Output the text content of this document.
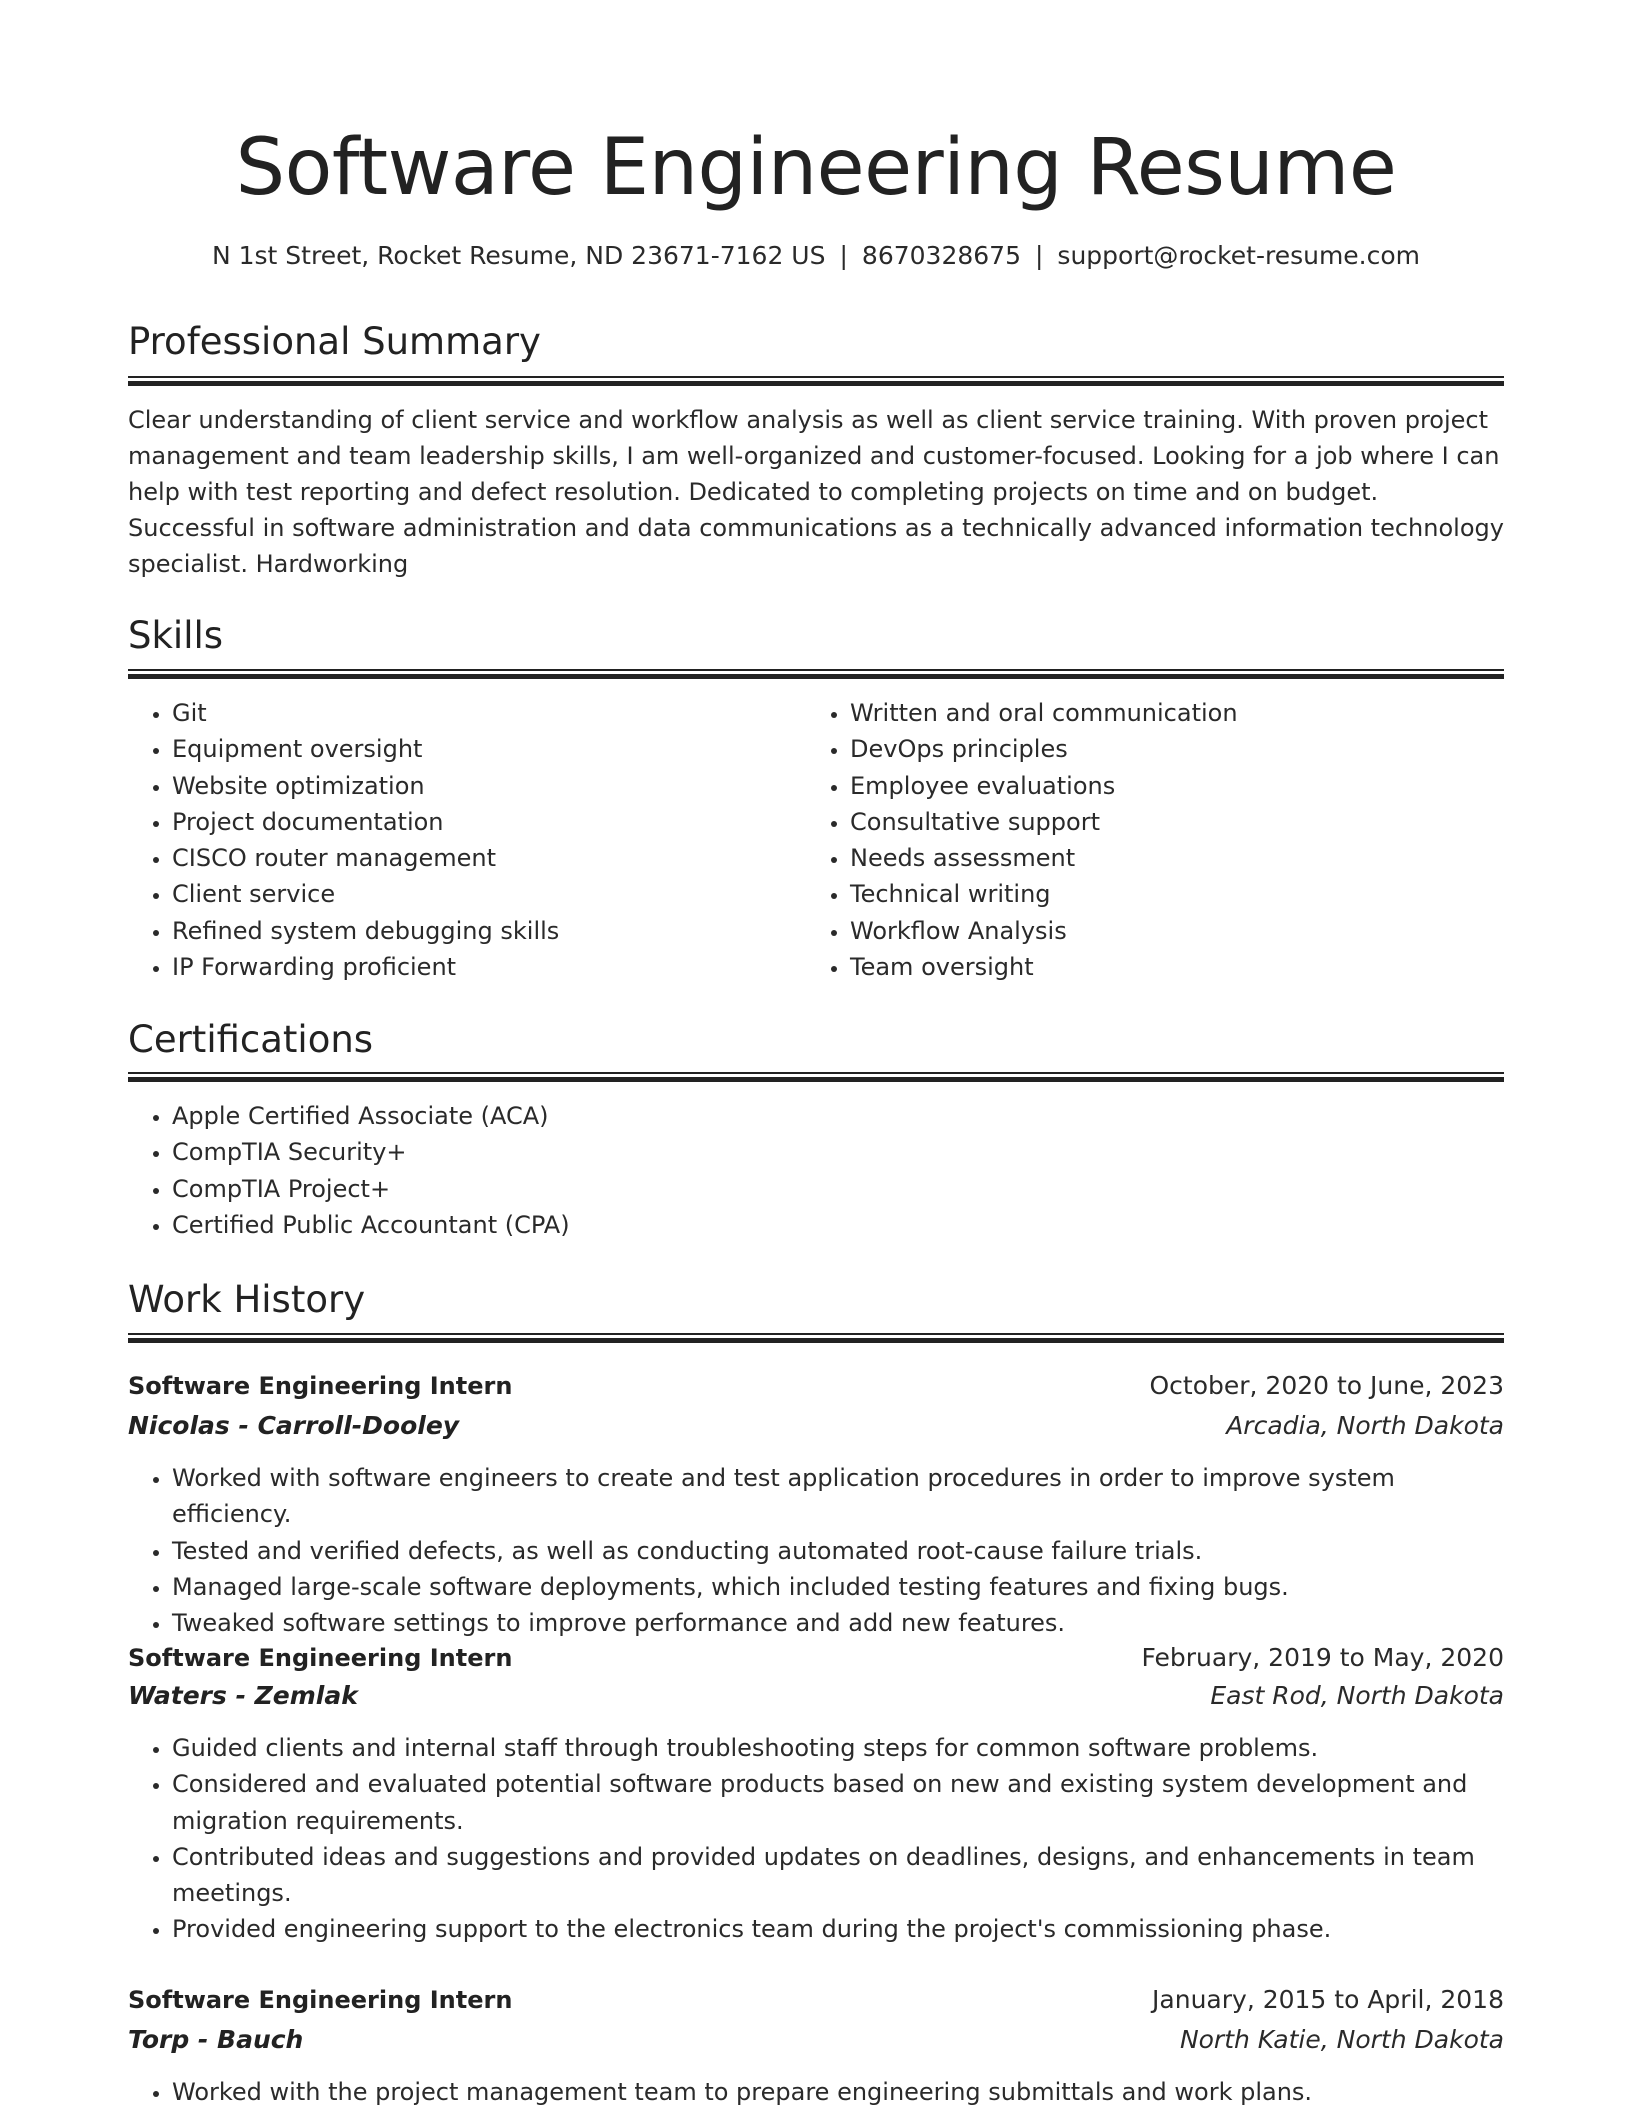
Software Engineering Resume
N 1st Street, Rocket Resume, ND 23671-7162 US | 8670328675 | support@rocket-resume.com
Professional Summary
Clear understanding of client service and workflow analysis as well as client service training. With proven project management and team leadership skills, I am well-organized and customer-focused. Looking for a job where I can help with test reporting and defect resolution. Dedicated to completing projects on time and on budget. Successful in software administration and data communications as a technically advanced information technology specialist. Hardworking
Skills
• Git
• Equipment oversight
• Website optimization
• Project documentation
• CISCO router management
• Client service
• Refined system debugging skills
• IP Forwarding proficient
• Written and oral communication
• DevOps principles
• Employee evaluations
• Consultative support
• Needs assessment
• Technical writing
• Workflow Analysis
• Team oversight
Certifications
• Apple Certified Associate (ACA)
• CompTIA Security+
• CompTIA Project+
• Certified Public Accountant (CPA)
Work History
Software Engineering Intern	October, 2020 to June, 2023
Nicolas - Carroll-Dooley	Arcadia, North Dakota
• Worked with software engineers to create and test application procedures in order to improve system efficiency.
• Tested and verified defects, as well as conducting automated root-cause failure trials.
• Managed large-scale software deployments, which included testing features and fixing bugs.
• Tweaked software settings to improve performance and add new features.
Software Engineering Intern	February, 2019 to May, 2020
Waters - Zemlak	East Rod, North Dakota
• Guided clients and internal staff through troubleshooting steps for common software problems.
• Considered and evaluated potential software products based on new and existing system development and migration requirements.
• Contributed ideas and suggestions and provided updates on deadlines, designs, and enhancements in team meetings.
• Provided engineering support to the electronics team during the project's commissioning phase.
Software Engineering Intern	January, 2015 to April, 2018
Torp - Bauch	North Katie, North Dakota
• Worked with the project management team to prepare engineering submittals and work plans.
